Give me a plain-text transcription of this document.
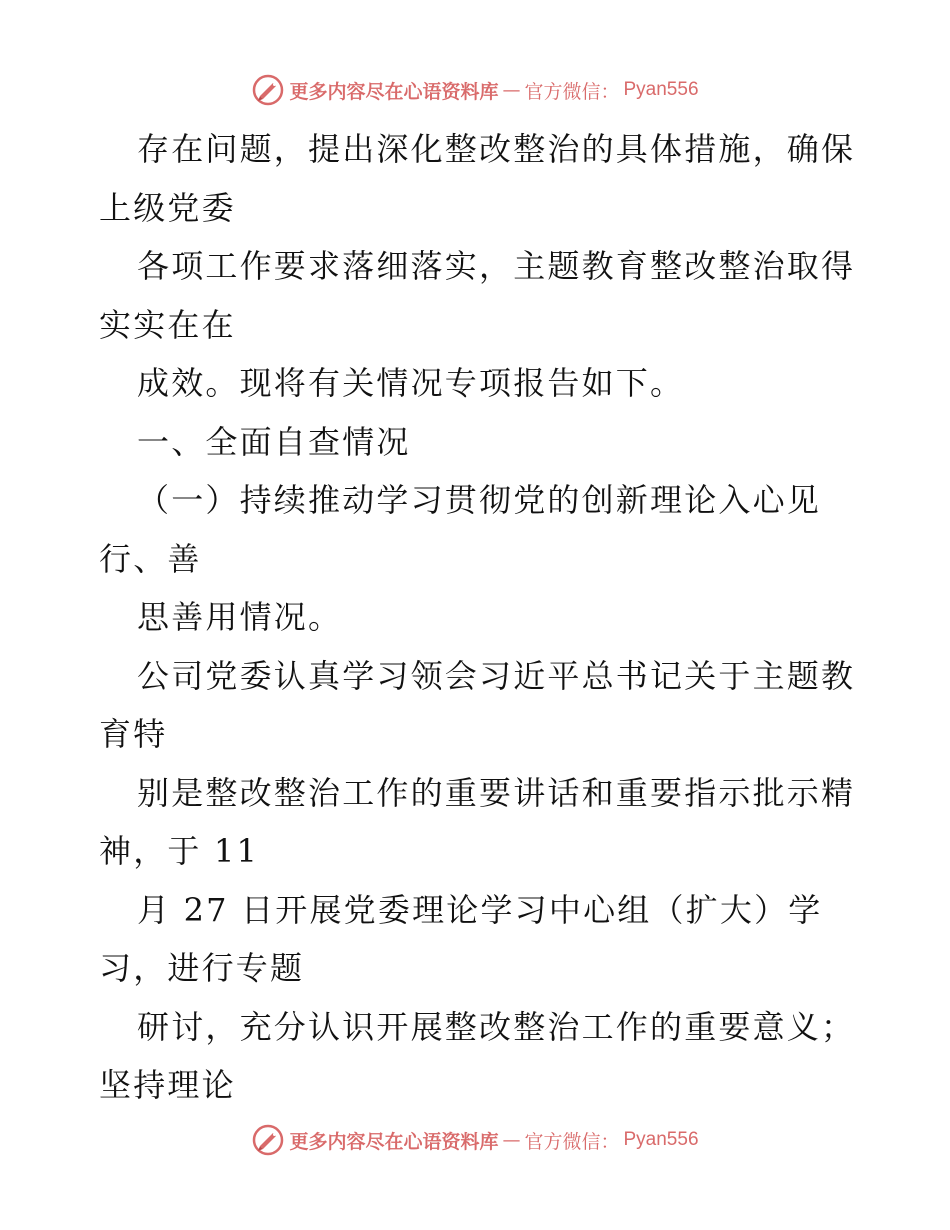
更多内容尽在心语资料库 — 官方微信： Pyan556

存在问题，提出深化整改整治的具体措施，确保
上级党委

各项工作要求落细落实，主题教育整改整治取得
实实在在

成效。现将有关情况专项报告如下。

一、全面自查情况

（一）持续推动学习贯彻党的创新理论入心见
行、善

思善用情况。

公司党委认真学习领会习近平总书记关于主题教
育特

别是整改整治工作的重要讲话和重要指示批示精
神，于 11

月 27 日开展党委理论学习中心组（扩大）学
习，进行专题

研讨，充分认识开展整改整治工作的重要意义；
坚持理论

更多内容尽在心语资料库 — 官方微信： Pyan556
